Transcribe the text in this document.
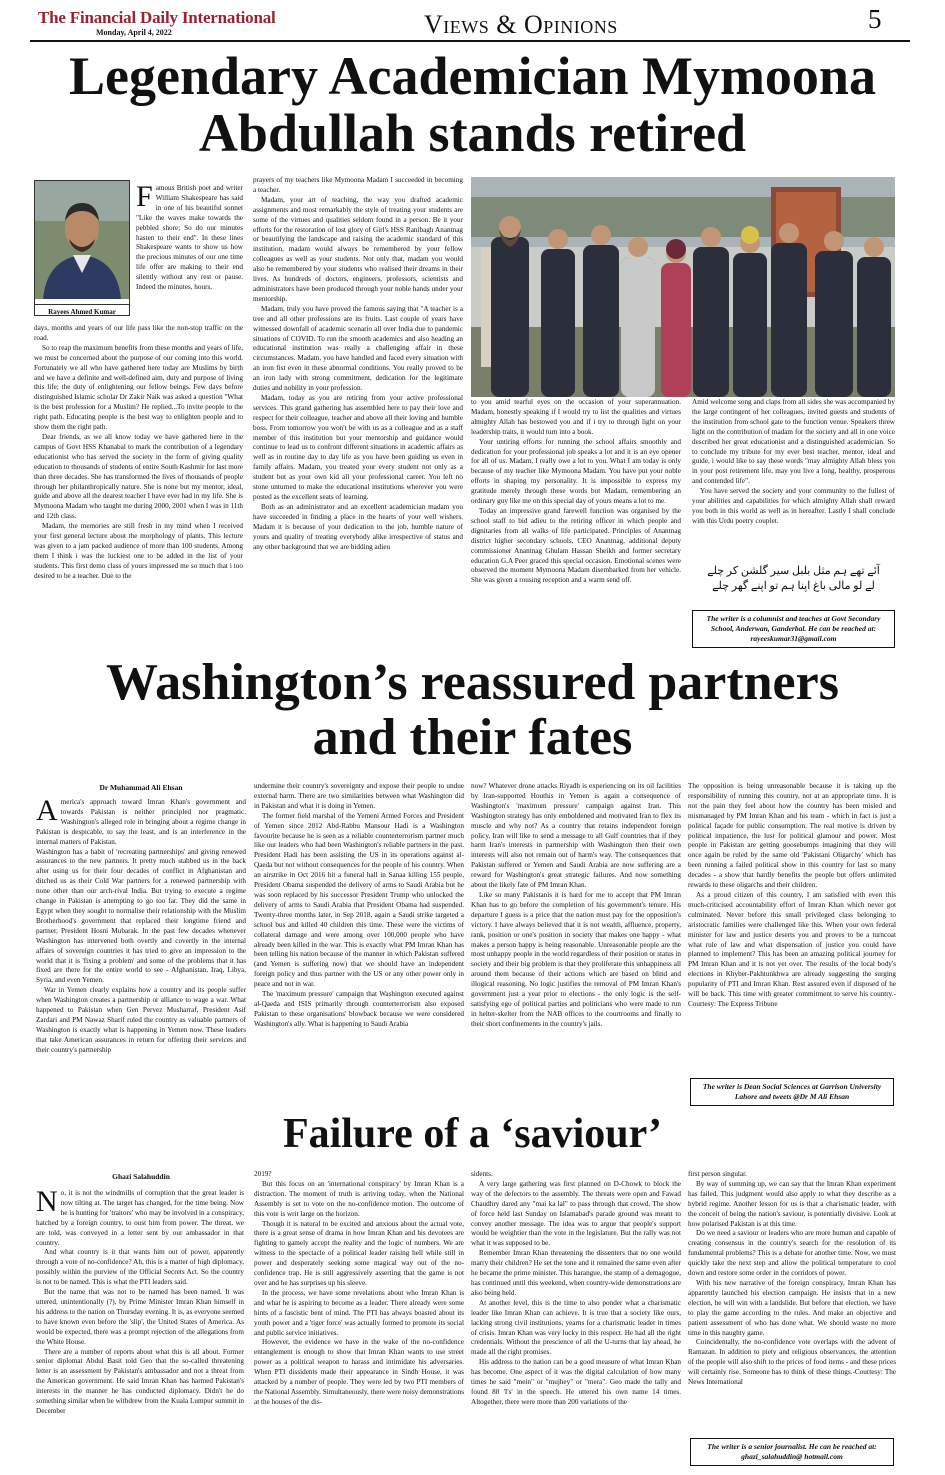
The Financial Daily International
Monday, April 4, 2022	Views & Opinions	5
Legendary Academician Mymoona
Abdullah stands retired
Rayees Ahmed Kumar
Famous British poet and writer William Shakespeare has said in one of his beautiful sonnet "Like the waves make towards the pebbled shore; So do our minutes hasten to their end". In these lines Shakespeare wants to show us how the precious minutes of our one time life offer are making to their end silently without any rest or pause. Indeed the minutes, hours,

days, months and years of our life pass like the non-stop traffic on the road.

So to reap the maximum benefits from these months and years of life, we must be concerned about the purpose of our coming into this world. Fortunately we all who have gathered here today are Muslims by birth and we have a definite and well-defined aim, duty and purpose of living this life; the duty of enlightening our fellow beings. Few days before distinguished Islamic scholar Dr Zakir Naik was asked a question "What is the best profession for a Muslim? He replied...To invite people to the right path. Educating people is the best way to enlighten people and to show them the right path.

Dear friends, as we all know today we have gathered here in the campus of Govt HSS Khanabal to mark the contribution of a legendary educationist who has served the society in the form of giving quality education to thousands of students of entire South Kashmir for last more than three decades. She has transformed the lives of thousands of people through her philanthropically nature. She is none but my mentor, ideal, guide and above all the dearest teacher I have ever had in my life. She is Mymoona Madam who taught me during 2000, 2001 when I was in 11th and 12th class.

Madam, the memories are still fresh in my mind when I received your first general lecture about the morphology of plants. This lecture was given to a jam packed audience of more than 100 students. Among them I think i was the luckiest one to be added in the list of your students. This first demo class of yours impressed me so much that i too desired to be a teacher. Due to the

prayers of my teachers like Mymoona Madam I succeeded in becoming a teacher.

Madam, your art of teaching, the way you drafted academic assignments and most remarkably the style of treating your students are some of the virtues and qualities seldom found in a person. Be it your efforts for the restoration of lost glory of Girl's HSS Ranibagh Anantnag or beautifying the landscape and raising the academic standard of this institution, madam would always be remembered by your fellow colleagues as well as your students. Not only that, madam you would also be remembered by your students who realised their dreams in their lives. As hundreds of doctors, engineers, professors, scientists and administrators have been produced through your noble hands under your mentorship.

Madam, truly you have proved the famous saying that "A teacher is a tree and all other professions are its fruits. Last couple of years have witnessed downfall of academic scenario all over India due to pandemic situations of COVID. To run the smooth academics and also heading an educational institution was really a challenging affair in these circumstances. Madam, you have handled and faced every situation with an iron fist even in these abnormal conditions. You really proved to be an iron lady with strong commitment, dedication for the legitimate duties and nobility in your profession.

Madam, today as you are retiring from your active professional services. This grand gathering has assembled here to pay their love and respect for their colleague, teacher and above all their loving and humble boss. From tomorrow you won't be with us as a colleague and as a staff member of this institution but your mentorship and guidance would continue to lead us to confront different situations in academic affairs as well as in routine day to day life as you have been guiding us even in family affairs. Madam, you treated your every student not only as a student but as your own kid all your professional career. You left no stone unturned to make the educational institutions wherever you were posted as the excellent seats of learning.

Both as an administrator and an excellent academician madam you have succeeded in finding a place in the hearts of your well wishers. Madam it is because of your dedication to the job, humble nature of yours and quality of treating everybody alike irrespective of status and any other background that we are bidding adieu

to you amid tearful eyes on the occasion of your superannuation. Madam, honestly speaking if I would try to list the qualities and virtues almighty Allah has bestowed you and if i try to through light on your leadership traits, it would turn into a book.

Your untiring efforts for running the school affairs smoothly and dedication for your professional job speaks a lot and it is an eye opener for all of us. Madam, I really owe a lot to you. What I am today is only because of my teacher like Mymoona Madam. You have put your noble efforts in shaping my personality. It is impossible to express my gratitude merely through these words but Madam, remembering an ordinary guy like me on this special day of yours means a lot to me.

Today an impressive grand farewell function was organised by the school staff to bid adieu to the retiring officer in which people and dignitaries from all walks of life participated. Principles of Anantnag district higher secondary schools, CEO Anantnag, additional deputy commissioner Anantnag Ghulam Hassan Sheikh and former secretary education G.A Peer graced this special occasion. Emotional scenes were observed the moment Mymoona Madam disembarked from her vehicle. She was given a rousing reception and a warm send off.

Amid welcome song and claps from all sides she was accompanied by the large contingent of her colleagues, invited guests and students of the institution from school gate to the function venue. Speakers threw light on the contribution of madam for the society and all in one voice described her great educationist and a distinguished academician. So to conclude my tribute for my ever best teacher, mentor, ideal and guide, i would like to say these words "may almighty Allah bless you in your post retirement life, may you live a long, healthy, prosperous and contended life".

You have served the society and your community to the fullest of your abilities and capabilities for which almighty Allah shall reward you both in this world as well as in hereafter. Lastly I shall conclude with this Urdu poetry couplet.

آئے تھے ہم مثل بلبل سیر گلشن کر چلے
لے لو مالی باغ اپنا ہم تو اپنے گھر چلے
The writer is a columnist and teaches at Govt Secondary School, Anderwan, Ganderbal. He can be reached at: rayeeskumar31@gmail.com
Washington’s reassured partners
and their fates
Dr Muhammad Ali Ehsan
America's approach toward Imran Khan's government and towards Pakistan is neither principled nor pragmatic. Washington's alleged role in bringing about a regime change in Pakistan is despicable, to say the least, and is an interference in the internal matters of Pakistan.

Washington has a habit of 'recreating partnerships' and giving renewed assurances to the new partners. It pretty much stabbed us in the back after using us for their four decades of conflict in Afghanistan and ditched us as their Cold War partners for a renewed partnership with none other than our arch-rival India. But trying to execute a regime change in Pakistan is attempting to go too far. They did the same in Egypt when they sought to normalise their relationship with the Muslim Brotherhood's government that replaced their longtime friend and partner, President Hosni Mubarak. In the past few decades whenever Washington has intervened both overtly and covertly in the internal affairs of sovereign countries it has tried to give an impression to the world that it is 'fixing a problem' and some of the problems that it has fixed are there for the entire world to see - Afghanistan, Iraq, Libya, Syria, and even Yemen.

War in Yemen clearly explains how a country and its people suffer when Washington creates a partnership or alliance to wage a war. What happened to Pakistan when Gen Pervez Musharraf, President Asif Zardari and PM Nawaz Sharif ruled the country as valuable partners of Washington is exactly what is happening in Yemen now. These leaders that take American assurances in return for offering their services and their country's partnership

undermine their country's sovereignty and expose their people to undue external harm. There are two similarities between what Washington did in Pakistan and what it is doing in Yemen.

The former field marshal of the Yemeni Armed Forces and President of Yemen since 2012 Abd-Rabbu Mansour Hadi is a Washington favourite because he is seen as a reliable counterterrorism partner much like our leaders who had been Washington's reliable partners in the past. President Hadi has been assisting the US in its operations against al-Qaeda but not without consequences for the people of his country. When an airstrike in Oct 2016 hit a funeral hall in Sanaa killing 155 people, President Obama suspended the delivery of arms to Saudi Arabia but he was soon replaced by his successor President Trump who unlocked the delivery of arms to Saudi Arabia that President Obama had suspended. Twenty-three months later, in Sep 2018, again a Saudi strike targeted a school bus and killed 40 children this time. These were the victims of collateral damage and were among over 100,000 people who have already been killed in the war. This is exactly what PM Imran Khan has been telling his nation because of the manner in which Pakistan suffered (and Yemen is suffering now) that we should have an independent foreign policy and thus partner with the US or any other power only in peace and not in war.

The 'maximum pressure' campaign that Washington executed against al-Qaeda and ISIS primarily through counterterrorism also exposed Pakistan to these organisations' blowback because we were considered Washington's ally. What is happening to Saudi Arabia

now? Whatever drone attacks Riyadh is experiencing on its oil facilities by Iran-supported Houthis in Yemen is again a consequence of Washington's 'maximum pressure' campaign against Iran. This Washington strategy has only emboldened and motivated Iran to flex its muscle and why not? As a country that retains independent foreign policy, Iran will like to send a message to all Gulf countries that if they harm Iran's interests in partnership with Washington then their own interests will also not remain out of harm's way. The consequences that Pakistan suffered or Yemen and Saudi Arabia are now suffering are a reward for Washington's great strategic failures. And now something about the likely fate of PM Imran Khan.

Like so many Pakistanis it is hard for me to accept that PM Imran Khan has to go before the completion of his government's tenure. His departure I guess is a price that the nation must pay for the opposition's victory. I have always believed that it is not wealth, affluence, property, rank, position or one's position in society that makes one happy - what makes a person happy is being reasonable. Unreasonable people are the most unhappy people in the world regardless of their position or status in society and their big problem is that they proliferate this unhappiness all around them because of their actions which are based on blind and illogical reasoning. No logic justifies the removal of PM Imran Khan's government just a year prior to elections - the only logic is the self-satisfying ego of political parties and politicians who were made to run in helter-skelter from the NAB offices to the courtrooms and finally to their short confinements in the country's jails.

The opposition is being unreasonable because it is taking up the responsibility of running this country, not at an appropriate time. It is not the pain they feel about how the country has been misled and mismanaged by PM Imran Khan and his team - which in fact is just a political façade for public consumption. The real motive is driven by political impatience, the lust for political glamour and power. Most people in Pakistan are getting goosebumps imagining that they will once again be ruled by the same old 'Pakistani Oligarchy' which has been running a failed political show in this country for last so many decades - a show that hardly benefits the people but offers unlimited rewards to these oligarchs and their children.

As a proud citizen of this country, I am satisfied with even this much-criticised accountability effort of Imran Khan which never got culminated. Never before this small privileged class belonging to aristocratic families were challenged like this. When your own federal minister for law and justice deserts you and proves to be a turncoat what rule of law and what dispensation of justice you could have planned to implement? This has been an amazing political journey for PM Imran Khan and it is not yet over. The results of the local body's elections in Khyber-Pakhtunkhwa are already suggesting the surging popularity of PTI and Imran Khan. Rest assured even if disposed of he will be back. This time with greater commitment to serve his country.-Courtesy: The Express Tribune

The writer is Dean Social Sciences at Garrison University Lahore and tweets @Dr M Ali Ehsan
Failure of a ‘saviour’
Ghazi Salahuddin
No, it is not the windmills of corruption that the great leader is now tilting at. The target has changed, for the time being. Now he is hunting for 'traitors' who may be involved in a conspiracy, hatched by a foreign country, to oust him from power. The threat, we are told, was conveyed in a letter sent by our ambassador in that country.

And what country is it that wants him out of power, apparently through a vote of no-confidence? Ah, this is a matter of high diplomacy, possibly within the purview of the Official Secrets Act. So the country is not to be named. This is what the PTI leaders said.

But the name that was not to be named has been named. It was uttered, unintentionally (?), by Prime Minister Imran Khan himself in his address to the nation on Thursday evening. It is, as everyone seemed to have known even before the 'slip', the United States of America. As would be expected, there was a prompt rejection of the allegations from the White House.

There are a number of reports about what this is all about. Former senior diplomat Abdul Basit told Geo that the so-called threatening letter is an assessment by Pakistan's ambassador and not a threat from the American government. He said Imran Khan has harmed Pakistan's interests in the manner he has conducted diplomacy. Didn't he do something similar when he withdrew from the Kuala Lumpur summit in December

2019?

But this focus on an 'international conspiracy' by Imran Khan is a distraction. The moment of truth is arriving today, when the National Assembly is set to vote on the no-confidence motion. The outcome of this vote is writ large on the horizon.

Though it is natural to be excited and anxious about the actual vote, there is a great sense of drama in how Imran Khan and his devotees are fighting to gamely accept the reality and the logic of numbers. We are witness to the spectacle of a political leader raising hell while still in power and desperately seeking some magical way out of the no-confidence trap. He is still aggressively asserting that the game is not over and he has surprises up his sleeve.

In the process, we have some revelations about who Imran Khan is and what he is aspiring to become as a leader. There already were some hints of a fascistic bent of mind. The PTI has always boasted about its youth power and a 'tiger force' was actually formed to promote its social and public service initiatives.

However, the evidence we have in the wake of the no-confidence entanglement is enough to show that Imran Khan wants to use street power as a political weapon to harass and intimidate his adversaries. When PTI dissidents made their appearance in Sindh House, it was attacked by a number of people. They were led by two PTI members of the National Assembly. Simultaneously, there were noisy demonstrations at the houses of the dis-

sidents.

A very large gathering was first planned on D-Chowk to block the way of the defectors to the assembly. The threats were open and Fawad Chaudhry dared any "mai ka lal" to pass through that crowd. The show of force held last Sunday on Islamabad's parade ground was meant to convey another message. The idea was to argue that people's support would be weightier than the vote in the legislature. But the rally was not what it was supposed to be.

Remember Imran Khan threatening the dissenters that no one would marry their children? He set the tone and it remained the same even after he became the prime minister. This harangue, the stamp of a demagogue, has continued until this weekend, when country-wide demonstrations are also being held.

At another level, this is the time to also ponder what a charismatic leader like Imran Khan can achieve. It is true that a society like ours, lacking strong civil institutions, yearns for a charismatic leader in times of crisis. Imran Khan was very lucky in this respect. He had all the right credentials. Without the prescience of all the U-turns that lay ahead, he made all the right promises.

His address to the nation can be a good measure of what Imran Khan has become. One aspect of it was the digital calculation of how many times he said "mein" or "mujhey" or "mera". Geo made the tally and found 88 'I's' in the speech. He uttered his own name 14 times. Altogether, there were more than 200 variations of the

first person singular.

By way of summing up, we can say that the Imran Khan experiment has failed. This judgment would also apply to what they describe as a hybrid regime. Another lesson for us is that a charismatic leader, with the conceit of being the nation's saviour, is potentially divisive. Look at how polarised Pakistan is at this time.

Do we need a saviour or leaders who are more human and capable of creating consensus in the country's search for the resolution of its fundamental problems? This is a debate for another time. Now, we must quickly take the next step and allow the political temperature to cool down and restore some order in the corridors of power.

With his new narrative of the foreign conspiracy, Imran Khan has apparently launched his election campaign. He insists that in a new election, he will win with a landslide. But before that election, we have to play the game according to the rules. And make an objective and patient assessment of who has done what. We should waste no more time in this naughty game.

Coincidentally, the no-confidence vote overlaps with the advent of Ramazan. In addition to piety and religious observances, the attention of the people will also shift to the prices of food items - and these prices will certainly rise. Someone has to think of these things.-Courtesy: The News International

The writer is a senior journalist. He can be reached at: ghazi_salahuddin@ hotmail.com
